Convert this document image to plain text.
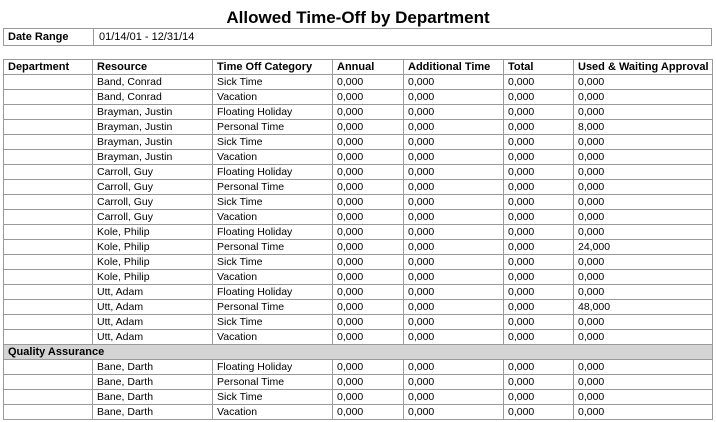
Allowed Time-Off by Department
Date Range	01/14/01 - 12/31/14
Department	Resource	Time Off Category	Annual	Additional Time	Total	Used & Waiting Approval
	Band, Conrad	Sick Time	0,000	0,000	0,000	0,000
	Band, Conrad	Vacation	0,000	0,000	0,000	0,000
	Brayman, Justin	Floating Holiday	0,000	0,000	0,000	0,000
	Brayman, Justin	Personal Time	0,000	0,000	0,000	8,000
	Brayman, Justin	Sick Time	0,000	0,000	0,000	0,000
	Brayman, Justin	Vacation	0,000	0,000	0,000	0,000
	Carroll, Guy	Floating Holiday	0,000	0,000	0,000	0,000
	Carroll, Guy	Personal Time	0,000	0,000	0,000	0,000
	Carroll, Guy	Sick Time	0,000	0,000	0,000	0,000
	Carroll, Guy	Vacation	0,000	0,000	0,000	0,000
	Kole, Philip	Floating Holiday	0,000	0,000	0,000	0,000
	Kole, Philip	Personal Time	0,000	0,000	0,000	24,000
	Kole, Philip	Sick Time	0,000	0,000	0,000	0,000
	Kole, Philip	Vacation	0,000	0,000	0,000	0,000
	Utt, Adam	Floating Holiday	0,000	0,000	0,000	0,000
	Utt, Adam	Personal Time	0,000	0,000	0,000	48,000
	Utt, Adam	Sick Time	0,000	0,000	0,000	0,000
	Utt, Adam	Vacation	0,000	0,000	0,000	0,000
Quality Assurance						
	Bane, Darth	Floating Holiday	0,000	0,000	0,000	0,000
	Bane, Darth	Personal Time	0,000	0,000	0,000	0,000
	Bane, Darth	Sick Time	0,000	0,000	0,000	0,000
	Bane, Darth	Vacation	0,000	0,000	0,000	0,000
